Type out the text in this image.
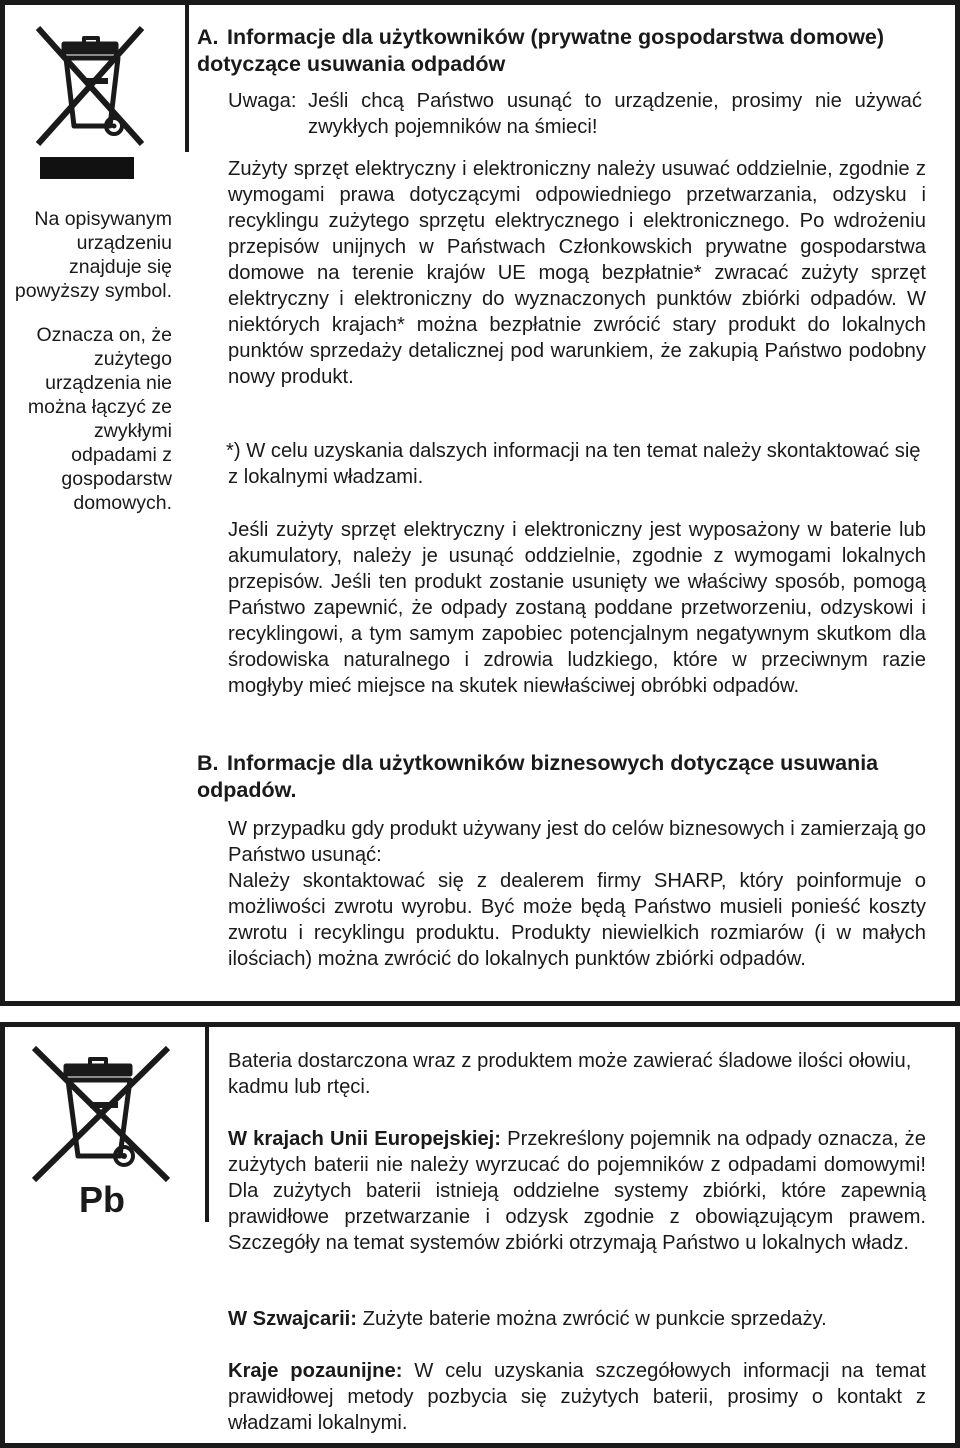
Na opisywanym urządzeniu znajduje się powyższy symbol.

Oznacza on, że zużytego urządzenia nie można łączyć ze zwykłymi odpadami z gospodarstw domowych.

A. Informacje dla użytkowników (prywatne gospodarstwa domowe) dotyczące usuwania odpadów
Uwaga: Jeśli chcą Państwo usunąć to urządzenie, prosimy nie używać zwykłych pojemników na śmieci!

Zużyty sprzęt elektryczny i elektroniczny należy usuwać oddzielnie, zgodnie z wymogami prawa dotyczącymi odpowiedniego przetwarzania, odzysku i recyklingu zużytego sprzętu elektrycznego i elektronicznego. Po wdrożeniu przepisów unijnych w Państwach Członkowskich prywatne gospodarstwa domowe na terenie krajów UE mogą bezpłatnie* zwracać zużyty sprzęt elektryczny i elektroniczny do wyznaczonych punktów zbiórki odpadów. W niektórych krajach* można bezpłatnie zwrócić stary produkt do lokalnych punktów sprzedaży detalicznej pod warunkiem, że zakupią Państwo podobny nowy produkt.

*) W celu uzyskania dalszych informacji na ten temat należy skontaktować się z lokalnymi władzami.

Jeśli zużyty sprzęt elektryczny i elektroniczny jest wyposażony w baterie lub akumulatory, należy je usunąć oddzielnie, zgodnie z wymogami lokalnych przepisów. Jeśli ten produkt zostanie usunięty we właściwy sposób, pomogą Państwo zapewnić, że odpady zostaną poddane przetworzeniu, odzyskowi i recyklingowi, a tym samym zapobiec potencjalnym negatywnym skutkom dla środowiska naturalnego i zdrowia ludzkiego, które w przeciwnym razie mogłyby mieć miejsce na skutek niewłaściwej obróbki odpadów.

B. Informacje dla użytkowników biznesowych dotyczące usuwania odpadów.

W przypadku gdy produkt używany jest do celów biznesowych i zamierzają go Państwo usunąć:

Należy skontaktować się z dealerem firmy SHARP, który poinformuje o możliwości zwrotu wyrobu. Być może będą Państwo musieli ponieść koszty zwrotu i recyklingu produktu. Produkty niewielkich rozmiarów (i w małych ilościach) można zwrócić do lokalnych punktów zbiórki odpadów.

Pb

Bateria dostarczona wraz z produktem może zawierać śladowe ilości ołowiu, kadmu lub rtęci.

W krajach Unii Europejskiej: Przekreślony pojemnik na odpady oznacza, że zużytych baterii nie należy wyrzucać do pojemników z odpadami domowymi! Dla zużytych baterii istnieją oddzielne systemy zbiórki, które zapewnią prawidłowe przetwarzanie i odzysk zgodnie z obowiązującym prawem. Szczegóły na temat systemów zbiórki otrzymają Państwo u lokalnych władz.

W Szwajcarii: Zużyte baterie można zwrócić w punkcie sprzedaży.

Kraje pozaunijne: W celu uzyskania szczegółowych informacji na temat prawidłowej metody pozbycia się zużytych baterii, prosimy o kontakt z władzami lokalnymi.
